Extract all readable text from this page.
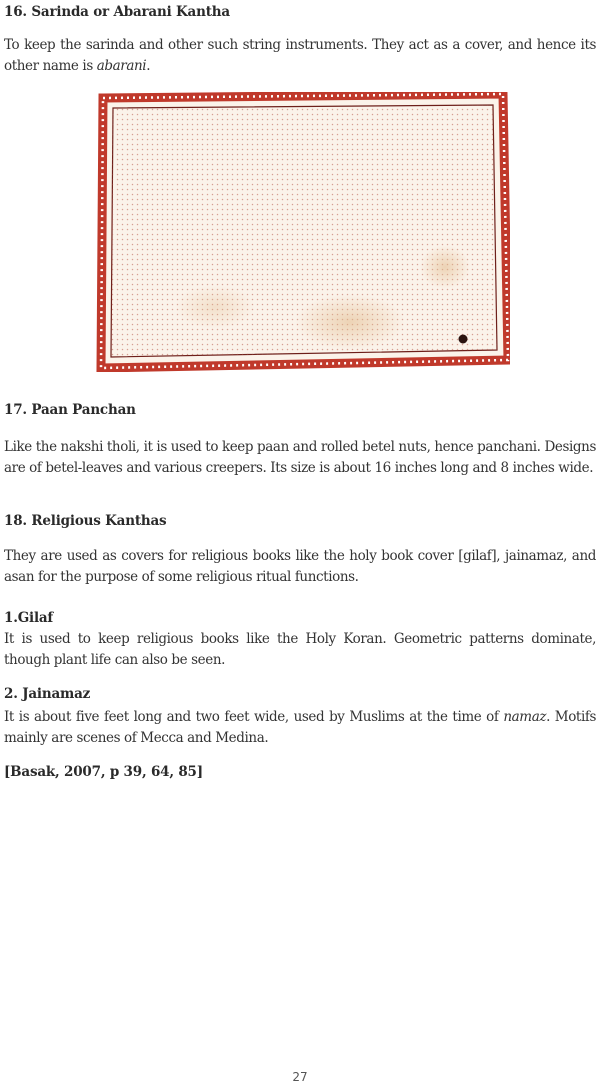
16. Sarinda or Abarani Kantha
To keep the sarinda and other such string instruments. They act as a cover, and hence its other name is abarani.
17. Paan Panchan
Like the nakshi tholi, it is used to keep paan and rolled betel nuts, hence panchani. Designs are of betel-leaves and various creepers. Its size is about 16 inches long and 8 inches wide.
18. Religious Kanthas
They are used as covers for religious books like the holy book cover [gilaf], jainamaz, and asan for the purpose of some religious ritual functions.
1.Gilaf
It is used to keep religious books like the Holy Koran. Geometric patterns dominate, though plant life can also be seen.
2. Jainamaz
It is about five feet long and two feet wide, used by Muslims at the time of namaz. Motifs mainly are scenes of Mecca and Medina.
[Basak, 2007, p 39, 64, 85]
27
